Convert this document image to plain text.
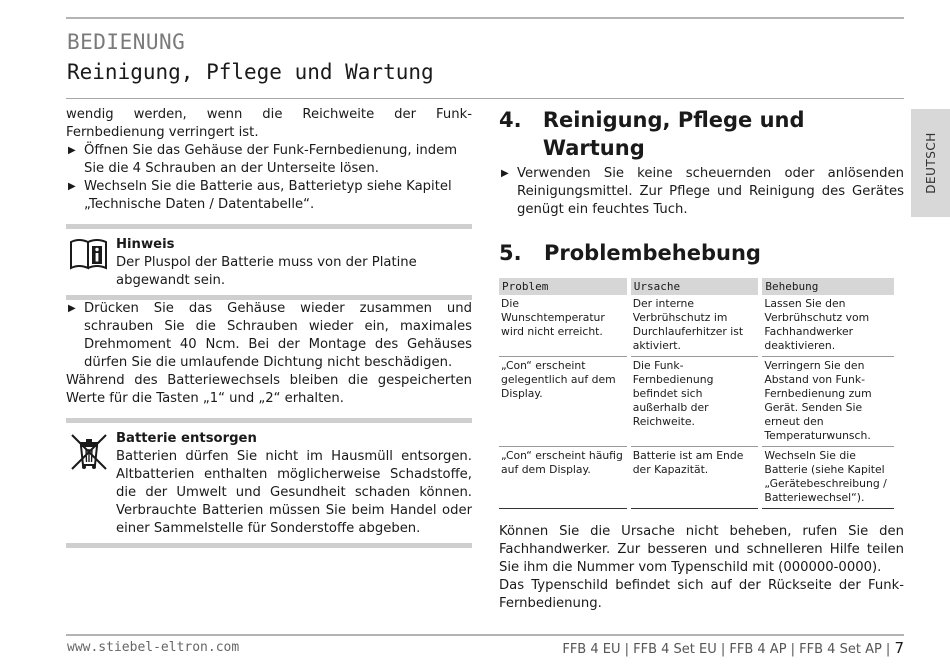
BEDIENUNG
Reinigung, Pflege und Wartung
DEUTSCH

wendig werden, wenn die Reichweite der Funk-Fernbedienung verringert ist.

▶ Öffnen Sie das Gehäuse der Funk-Fernbedienung, indem Sie die 4 Schrauben an der Unterseite lösen.

▶ Wechseln Sie die Batterie aus, Batterietyp siehe Kapitel „Technische Daten / Datentabelle“.

Hinweis

Der Pluspol der Batterie muss von der Platine abgewandt sein.

▶ Drücken Sie das Gehäuse wieder zusammen und schrauben Sie die Schrauben wieder ein, maximales Drehmoment 40 Ncm. Bei der Montage des Gehäuses dürfen Sie die umlaufende Dichtung nicht beschädigen.

Während des Batteriewechsels bleiben die gespeicherten Werte für die Tasten „1“ und „2“ erhalten.

Batterie entsorgen

Batterien dürfen Sie nicht im Hausmüll entsorgen. Altbatterien enthalten möglicherweise Schadstoffe, die der Umwelt und Gesundheit schaden können. Verbrauchte Batterien müssen Sie beim Handel oder einer Sammelstelle für Sonderstoffe abgeben.

4.	Reinigung, Pflege und Wartung

▶ Verwenden Sie keine scheuernden oder anlösenden Reinigungsmittel. Zur Pflege und Reinigung des Gerätes genügt ein feuchtes Tuch.

5.	Problembehebung
Problem	Ursache	Behebung
Die Wunschtemperatur wird nicht erreicht.	Der interne Verbrühschutz im Durchlauferhitzer ist aktiviert.	Lassen Sie den Verbrühschutz vom Fachhandwerker deaktivieren.
„Con“ erscheint gelegentlich auf dem Display.	Die Funk-Fernbedienung befindet sich außerhalb der Reichweite.	Verringern Sie den Abstand von Funk-Fernbedienung zum Gerät. Senden Sie erneut den Temperaturwunsch.
„Con“ erscheint häufig auf dem Display.	Batterie ist am Ende der Kapazität.	Wechseln Sie die Batterie (siehe Kapitel „Gerätebeschreibung / Batteriewechsel“).

Können Sie die Ursache nicht beheben, rufen Sie den Fachhandwerker. Zur besseren und schnelleren Hilfe teilen Sie ihm die Nummer vom Typenschild mit (000000-0000).

Das Typenschild befindet sich auf der Rückseite der Funk-Fernbedienung.

www.stiebel-eltron.com	FFB 4 EU | FFB 4 Set EU | FFB 4 AP | FFB 4 Set AP | 7
